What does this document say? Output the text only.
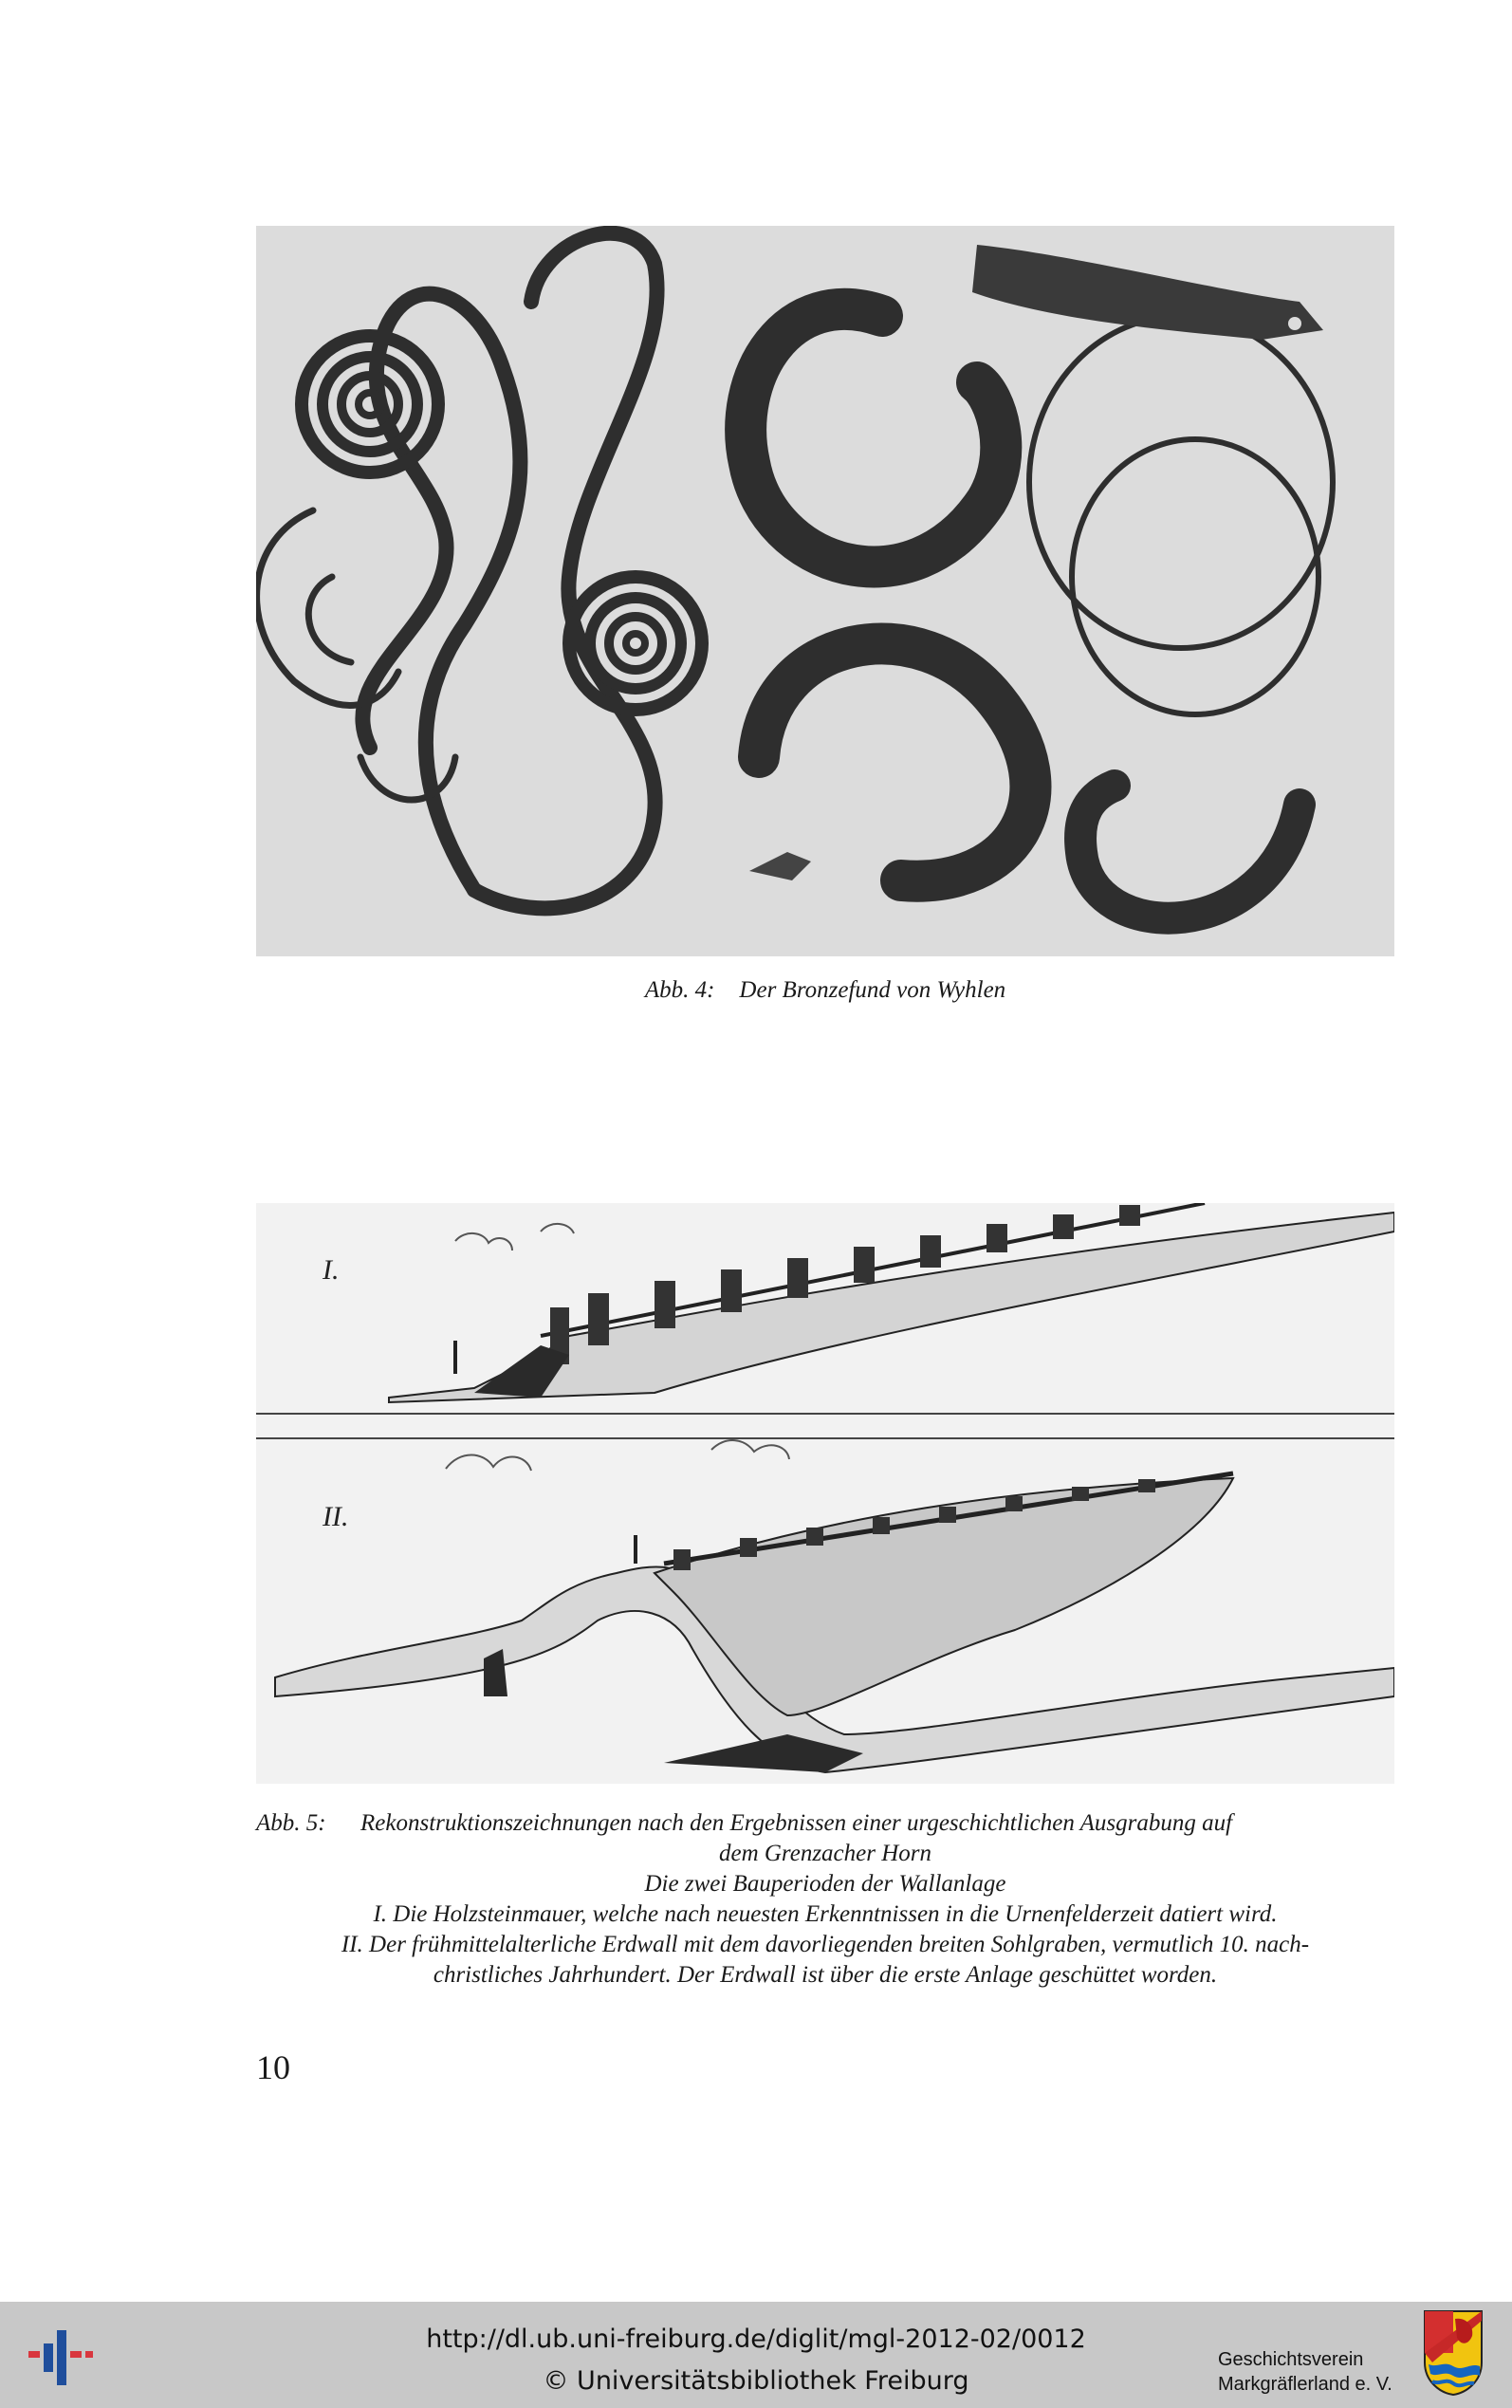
Abb. 4: Der Bronzefund von Wyhlen
I.
II.
Abb. 5:	Rekonstruktionszeichnungen nach den Ergebnissen einer urgeschichtlichen Ausgrabung auf
dem Grenzacher Horn
Die zwei Bauperioden der Wallanlage
I. Die Holzsteinmauer, welche nach neuesten Erkenntnissen in die Urnenfelderzeit datiert wird.
II. Der frühmittelalterliche Erdwall mit dem davorliegenden breiten Sohlgraben, vermutlich 10. nach-
christliches Jahrhundert. Der Erdwall ist über die erste Anlage geschüttet worden.
10
http://dl.ub.uni-freiburg.de/diglit/mgl-2012-02/0012
© Universitätsbibliothek Freiburg
Geschichtsverein
Markgräflerland e. V.
